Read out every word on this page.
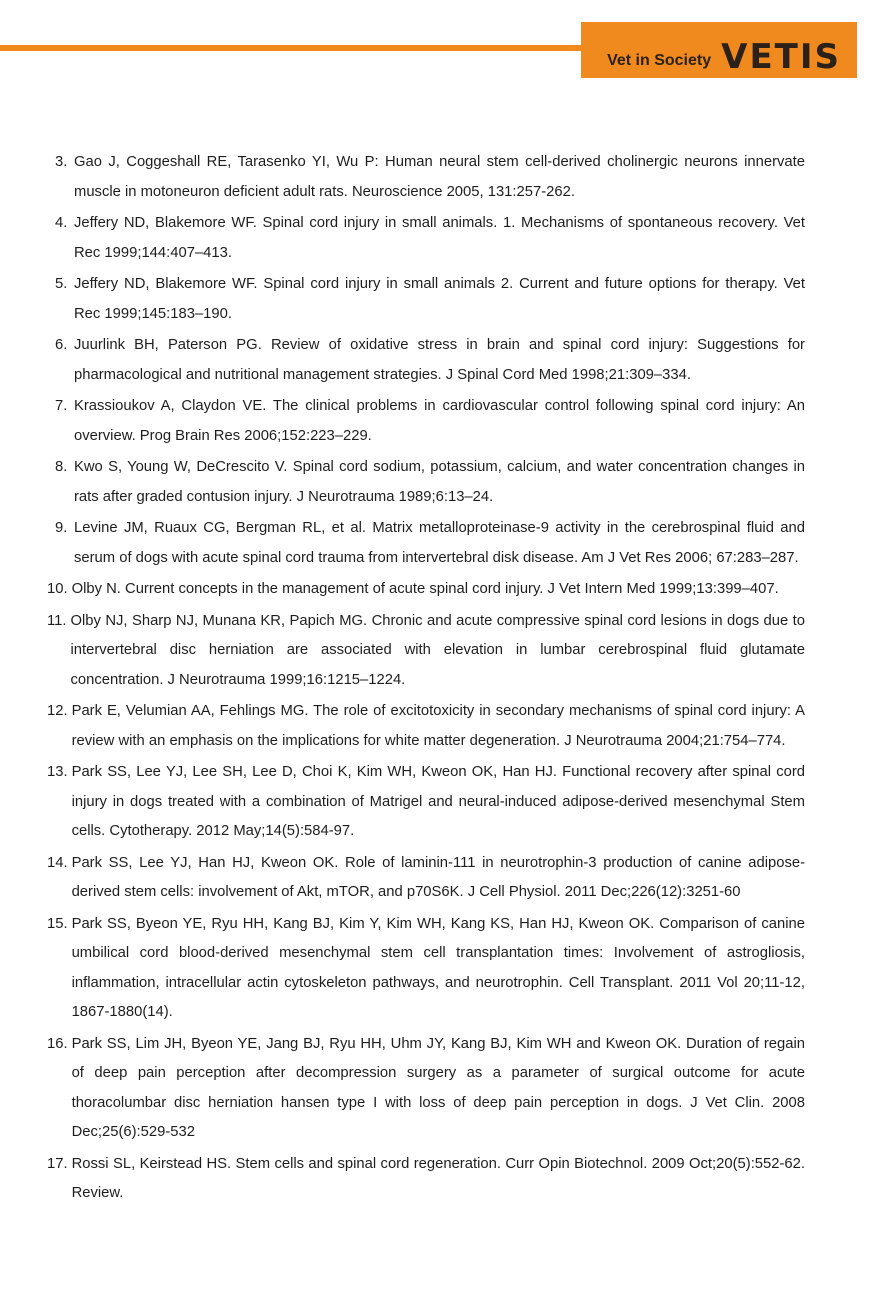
Vet in Society VETIS
3. Gao J, Coggeshall RE, Tarasenko YI, Wu P: Human neural stem cell-derived cholinergic neurons innervate muscle in motoneuron deficient adult rats. Neuroscience 2005, 131:257-262.
4. Jeffery ND, Blakemore WF. Spinal cord injury in small animals. 1. Mechanisms of spontaneous recovery. Vet Rec 1999;144:407–413.
5. Jeffery ND, Blakemore WF. Spinal cord injury in small animals 2. Current and future options for therapy. Vet Rec 1999;145:183–190.
6. Juurlink BH, Paterson PG. Review of oxidative stress in brain and spinal cord injury: Suggestions for pharmacological and nutritional management strategies. J Spinal Cord Med 1998;21:309–334.
7. Krassioukov A, Claydon VE. The clinical problems in cardiovascular control following spinal cord injury: An overview. Prog Brain Res 2006;152:223–229.
8. Kwo S, Young W, DeCrescito V. Spinal cord sodium, potassium, calcium, and water concentration changes in rats after graded contusion injury. J Neurotrauma 1989;6:13–24.
9. Levine JM, Ruaux CG, Bergman RL, et al. Matrix metalloproteinase-9 activity in the cerebrospinal fluid and serum of dogs with acute spinal cord trauma from intervertebral disk disease. Am J Vet Res 2006; 67:283–287.
10. Olby N. Current concepts in the management of acute spinal cord injury. J Vet Intern Med 1999;13:399–407.
11. Olby NJ, Sharp NJ, Munana KR, Papich MG. Chronic and acute compressive spinal cord lesions in dogs due to intervertebral disc herniation are associated with elevation in lumbar cerebrospinal fluid glutamate concentration. J Neurotrauma 1999;16:1215–1224.
12. Park E, Velumian AA, Fehlings MG. The role of excitotoxicity in secondary mechanisms of spinal cord injury: A review with an emphasis on the implications for white matter degeneration. J Neurotrauma 2004;21:754–774.
13. Park SS, Lee YJ, Lee SH, Lee D, Choi K, Kim WH, Kweon OK, Han HJ. Functional recovery after spinal cord injury in dogs treated with a combination of Matrigel and neural-induced adipose-derived mesenchymal Stem cells. Cytotherapy. 2012 May;14(5):584-97.
14. Park SS, Lee YJ, Han HJ, Kweon OK. Role of laminin-111 in neurotrophin-3 production of canine adipose-derived stem cells: involvement of Akt, mTOR, and p70S6K. J Cell Physiol. 2011 Dec;226(12):3251-60
15. Park SS, Byeon YE, Ryu HH, Kang BJ, Kim Y, Kim WH, Kang KS, Han HJ, Kweon OK. Comparison of canine umbilical cord blood-derived mesenchymal stem cell transplantation times: Involvement of astrogliosis, inflammation, intracellular actin cytoskeleton pathways, and neurotrophin. Cell Transplant. 2011 Vol 20;11-12, 1867-1880(14).
16. Park SS, Lim JH, Byeon YE, Jang BJ, Ryu HH, Uhm JY, Kang BJ, Kim WH and Kweon OK. Duration of regain of deep pain perception after decompression surgery as a parameter of surgical outcome for acute thoracolumbar disc herniation hansen type I with loss of deep pain perception in dogs. J Vet Clin. 2008 Dec;25(6):529-532
17. Rossi SL, Keirstead HS. Stem cells and spinal cord regeneration. Curr Opin Biotechnol. 2009 Oct;20(5):552-62. Review.
